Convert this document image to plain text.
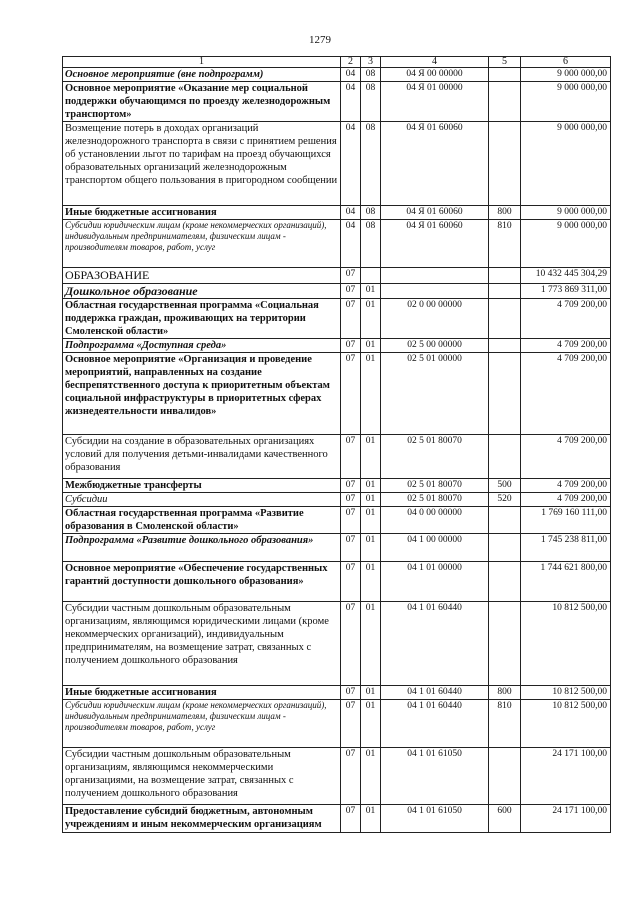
1279
1	2	3	4	5	6
Основное мероприятие (вне подпрограмм)	04	08	04 Я 00 00000		9 000 000,00
Основное мероприятие «Оказание мер социальной поддержки обучающимся по проезду железнодорожным транспортом»	04	08	04 Я 01 00000		9 000 000,00
Возмещение потерь в доходах организаций железнодорожного транспорта в связи с принятием решения об установлении льгот по тарифам на проезд обучающихся образовательных организаций железнодорожным транспортом общего пользования в пригородном сообщении	04	08	04 Я 01 60060		9 000 000,00
Иные бюджетные ассигнования	04	08	04 Я 01 60060	800	9 000 000,00
Субсидии юридическим лицам (кроме некоммерческих организаций), индивидуальным предпринимателям, физическим лицам - производителям товаров, работ, услуг	04	08	04 Я 01 60060	810	9 000 000,00
ОБРАЗОВАНИЕ	07				10 432 445 304,29
Дошкольное образование	07	01			1 773 869 311,00
Областная государственная программа «Социальная поддержка граждан, проживающих на территории Смоленской области»	07	01	02 0 00 00000		4 709 200,00
Подпрограмма «Доступная среда»	07	01	02 5 00 00000		4 709 200,00
Основное мероприятие «Организация и проведение мероприятий, направленных на создание беспрепятственного доступа к приоритетным объектам социальной инфраструктуры в приоритетных сферах жизнедеятельности инвалидов»	07	01	02 5 01 00000		4 709 200,00
Субсидии на создание в образовательных организациях условий для получения детьми-инвалидами качественного образования	07	01	02 5 01 80070		4 709 200,00
Межбюджетные трансферты	07	01	02 5 01 80070	500	4 709 200,00
Субсидии	07	01	02 5 01 80070	520	4 709 200,00
Областная государственная программа «Развитие образования в Смоленской области»	07	01	04 0 00 00000		1 769 160 111,00
Подпрограмма «Развитие дошкольного образования»	07	01	04 1 00 00000		1 745 238 811,00
Основное мероприятие «Обеспечение государственных гарантий доступности дошкольного образования»	07	01	04 1 01 00000		1 744 621 800,00
Субсидии частным дошкольным образовательным организациям, являющимся юридическими лицами (кроме некоммерческих организаций), индивидуальным предпринимателям, на возмещение затрат, связанных с получением дошкольного образования	07	01	04 1 01 60440		10 812 500,00
Иные бюджетные ассигнования	07	01	04 1 01 60440	800	10 812 500,00
Субсидии юридическим лицам (кроме некоммерческих организаций), индивидуальным предпринимателям, физическим лицам - производителям товаров, работ, услуг	07	01	04 1 01 60440	810	10 812 500,00
Субсидии частным дошкольным образовательным организациям, являющимся некоммерческими организациями, на возмещение затрат, связанных с получением дошкольного образования	07	01	04 1 01 61050		24 171 100,00
Предоставление субсидий бюджетным, автономным учреждениям и иным некоммерческим организациям	07	01	04 1 01 61050	600	24 171 100,00
